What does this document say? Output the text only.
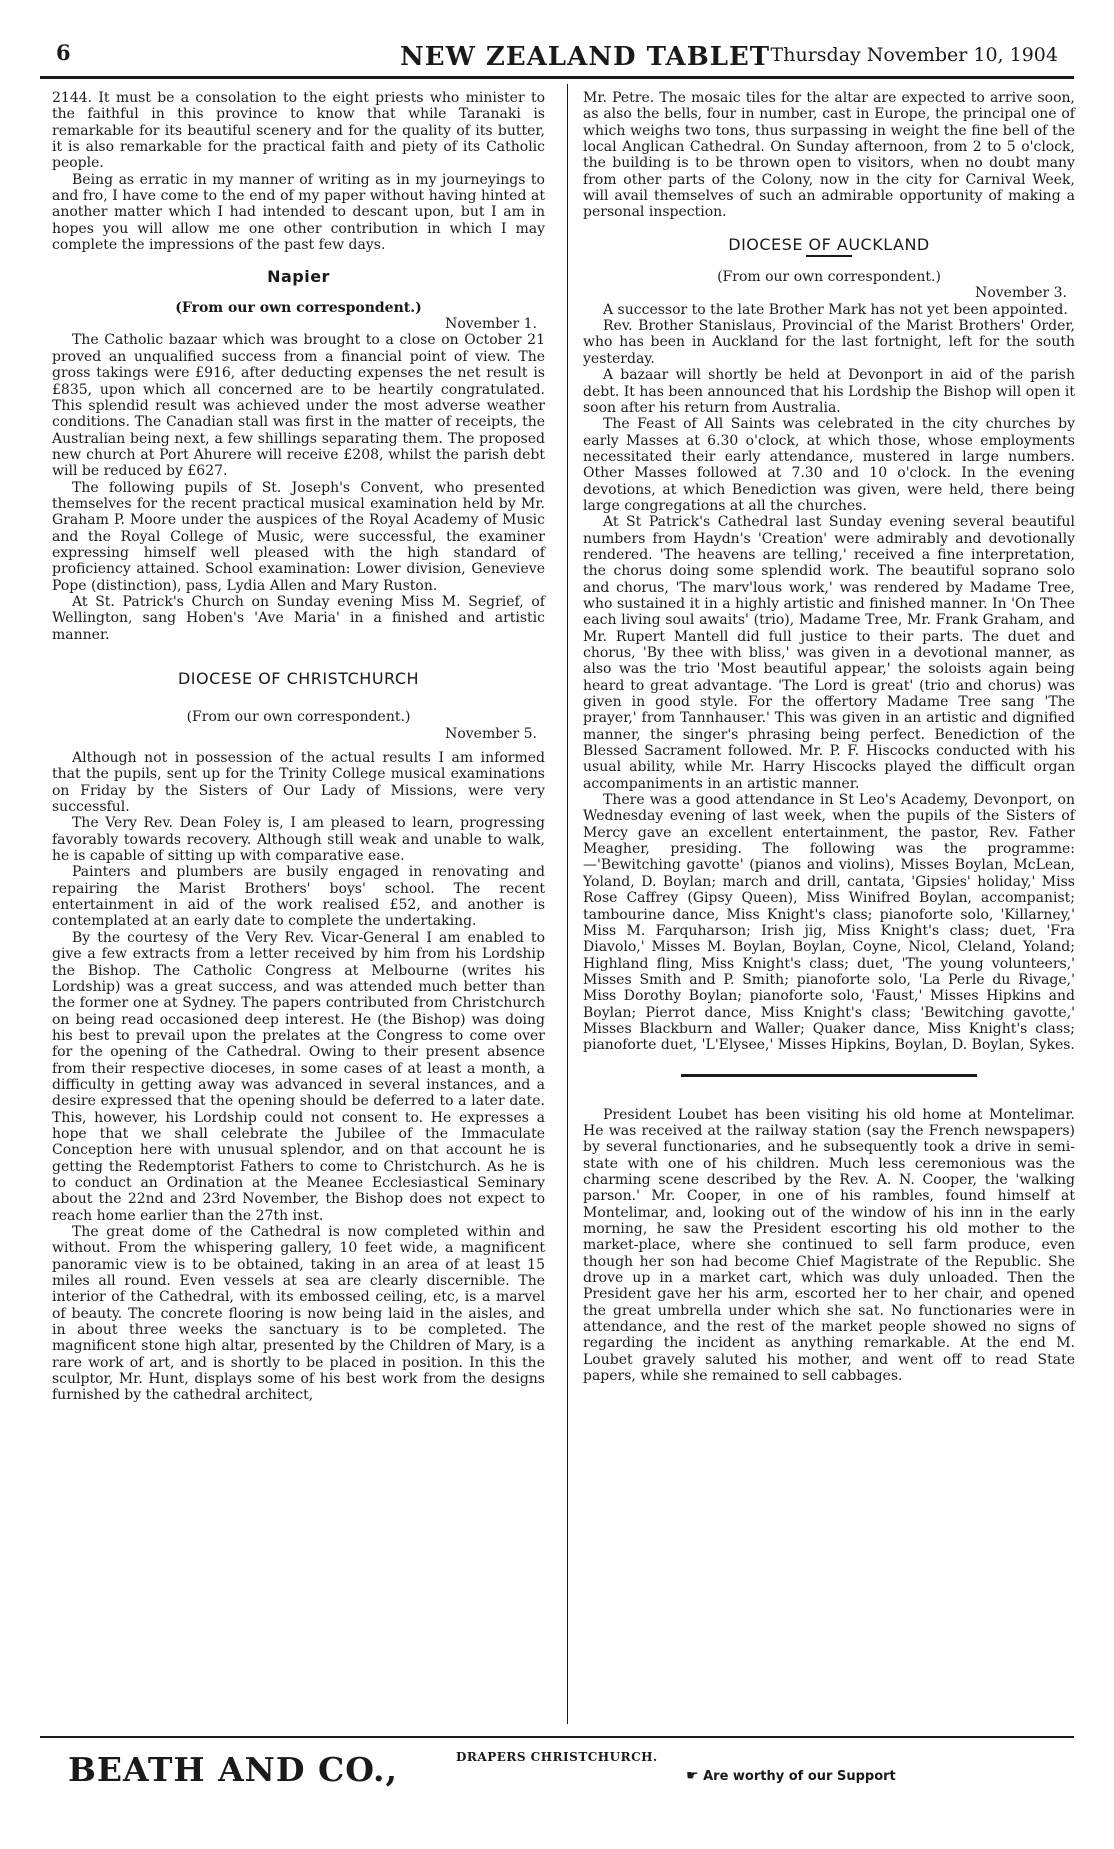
6	NEW ZEALAND TABLET Thursday November 10, 1904

2144. It must be a consolation to the eight priests who minister to the faithful in this province to know that while Taranaki is remarkable for its beautiful scenery and for the quality of its butter, it is also remarkable for the practical faith and piety of its Catholic people.

Being as erratic in my manner of writing as in my journeyings to and fro, I have come to the end of my paper without having hinted at another matter which I had intended to descant upon, but I am in hopes you will allow me one other contribution in which I may complete the impressions of the past few days.

Napier
(From our own correspondent.)
November 1.

The Catholic bazaar which was brought to a close on October 21 proved an unqualified success from a financial point of view. The gross takings were £916, after deducting expenses the net result is £835, upon which all concerned are to be heartily congratulated. This splendid result was achieved under the most adverse weather conditions. The Canadian stall was first in the matter of receipts, the Australian being next, a few shillings separating them. The proposed new church at Port Ahurere will receive £208, whilst the parish debt will be reduced by £627.

The following pupils of St. Joseph's Convent, who presented themselves for the recent practical musical examination held by Mr. Graham P. Moore under the auspices of the Royal Academy of Music and the Royal College of Music, were successful, the examiner expressing himself well pleased with the high standard of proficiency attained. School examination: Lower division, Genevieve Pope (distinction), pass, Lydia Allen and Mary Ruston.

At St. Patrick's Church on Sunday evening Miss M. Segrief, of Wellington, sang Hoben's 'Ave Maria' in a finished and artistic manner.

DIOCESE OF CHRISTCHURCH
(From our own correspondent.)
November 5.

Although not in possession of the actual results I am informed that the pupils, sent up for the Trinity College musical examinations on Friday by the Sisters of Our Lady of Missions, were very successful.

The Very Rev. Dean Foley is, I am pleased to learn, progressing favorably towards recovery. Although still weak and unable to walk, he is capable of sitting up with comparative ease.

Painters and plumbers are busily engaged in renovating and repairing the Marist Brothers' boys' school. The recent entertainment in aid of the work realised £52, and another is contemplated at an early date to complete the undertaking.

By the courtesy of the Very Rev. Vicar-General I am enabled to give a few extracts from a letter received by him from his Lordship the Bishop. The Catholic Congress at Melbourne (writes his Lordship) was a great success, and was attended much better than the former one at Sydney. The papers contributed from Christchurch on being read occasioned deep interest. He (the Bishop) was doing his best to prevail upon the prelates at the Congress to come over for the opening of the Cathedral. Owing to their present absence from their respective dioceses, in some cases of at least a month, a difficulty in getting away was advanced in several instances, and a desire expressed that the opening should be deferred to a later date. This, however, his Lordship could not consent to. He expresses a hope that we shall celebrate the Jubilee of the Immaculate Conception here with unusual splendor, and on that account he is getting the Redemptorist Fathers to come to Christchurch. As he is to conduct an Ordination at the Meanee Ecclesiastical Seminary about the 22nd and 23rd November, the Bishop does not expect to reach home earlier than the 27th inst.

The great dome of the Cathedral is now completed within and without. From the whispering gallery, 10 feet wide, a magnificent panoramic view is to be obtained, taking in an area of at least 15 miles all round. Even vessels at sea are clearly discernible. The interior of the Cathedral, with its embossed ceiling, etc, is a marvel of beauty. The concrete flooring is now being laid in the aisles, and in about three weeks the sanctuary is to be completed. The magnificent stone high altar, presented by the Children of Mary, is a rare work of art, and is shortly to be placed in position. In this the sculptor, Mr. Hunt, displays some of his best work from the designs furnished by the cathedral architect,

Mr. Petre. The mosaic tiles for the altar are expected to arrive soon, as also the bells, four in number, cast in Europe, the principal one of which weighs two tons, thus surpassing in weight the fine bell of the local Anglican Cathedral. On Sunday afternoon, from 2 to 5 o'clock, the building is to be thrown open to visitors, when no doubt many from other parts of the Colony, now in the city for Carnival Week, will avail themselves of such an admirable opportunity of making a personal inspection.

DIOCESE OF AUCKLAND
(From our own correspondent.)
November 3.

A successor to the late Brother Mark has not yet been appointed.

Rev. Brother Stanislaus, Provincial of the Marist Brothers' Order, who has been in Auckland for the last fortnight, left for the south yesterday.

A bazaar will shortly be held at Devonport in aid of the parish debt. It has been announced that his Lordship the Bishop will open it soon after his return from Australia.

The Feast of All Saints was celebrated in the city churches by early Masses at 6.30 o'clock, at which those, whose employments necessitated their early attendance, mustered in large numbers. Other Masses followed at 7.30 and 10 o'clock. In the evening devotions, at which Benediction was given, were held, there being large congregations at all the churches.

At St Patrick's Cathedral last Sunday evening several beautiful numbers from Haydn's 'Creation' were admirably and devotionally rendered. 'The heavens are telling,' received a fine interpretation, the chorus doing some splendid work. The beautiful soprano solo and chorus, 'The marv'lous work,' was rendered by Madame Tree, who sustained it in a highly artistic and finished manner. In 'On Thee each living soul awaits' (trio), Madame Tree, Mr. Frank Graham, and Mr. Rupert Mantell did full justice to their parts. The duet and chorus, 'By thee with bliss,' was given in a devotional manner, as also was the trio 'Most beautiful appear,' the soloists again being heard to great advantage. 'The Lord is great' (trio and chorus) was given in good style. For the offertory Madame Tree sang 'The prayer,' from Tannhauser.' This was given in an artistic and dignified manner, the singer's phrasing being perfect. Benediction of the Blessed Sacrament followed. Mr. P. F. Hiscocks conducted with his usual ability, while Mr. Harry Hiscocks played the difficult organ accompaniments in an artistic manner.

There was a good attendance in St Leo's Academy, Devonport, on Wednesday evening of last week, when the pupils of the Sisters of Mercy gave an excellent entertainment, the pastor, Rev. Father Meagher, presiding. The following was the programme:—'Bewitching gavotte' (pianos and violins), Misses Boylan, McLean, Yoland, D. Boylan; march and drill, cantata, 'Gipsies' holiday,' Miss Rose Caffrey (Gipsy Queen), Miss Winifred Boylan, accompanist; tambourine dance, Miss Knight's class; pianoforte solo, 'Killarney,' Miss M. Farquharson; Irish jig, Miss Knight's class; duet, 'Fra Diavolo,' Misses M. Boylan, Boylan, Coyne, Nicol, Cleland, Yoland; Highland fling, Miss Knight's class; duet, 'The young volunteers,' Misses Smith and P. Smith; pianoforte solo, 'La Perle du Rivage,' Miss Dorothy Boylan; pianoforte solo, 'Faust,' Misses Hipkins and Boylan; Pierrot dance, Miss Knight's class; 'Bewitching gavotte,' Misses Blackburn and Waller; Quaker dance, Miss Knight's class; pianoforte duet, 'L'Elysee,' Misses Hipkins, Boylan, D. Boylan, Sykes.

President Loubet has been visiting his old home at Montelimar. He was received at the railway station (say the French newspapers) by several functionaries, and he subsequently took a drive in semi-state with one of his children. Much less ceremonious was the charming scene described by the Rev. A. N. Cooper, the 'walking parson.' Mr. Cooper, in one of his rambles, found himself at Montelimar, and, looking out of the window of his inn in the early morning, he saw the President escorting his old mother to the market-place, where she continued to sell farm produce, even though her son had become Chief Magistrate of the Republic. She drove up in a market cart, which was duly unloaded. Then the President gave her his arm, escorted her to her chair, and opened the great umbrella under which she sat. No functionaries were in attendance, and the rest of the market people showed no signs of regarding the incident as anything remarkable. At the end M. Loubet gravely saluted his mother, and went off to read State papers, while she remained to sell cabbages.

BEATH AND CO.,	DRAPERS CHRISTCHURCH.
☛ Are worthy of our Support
